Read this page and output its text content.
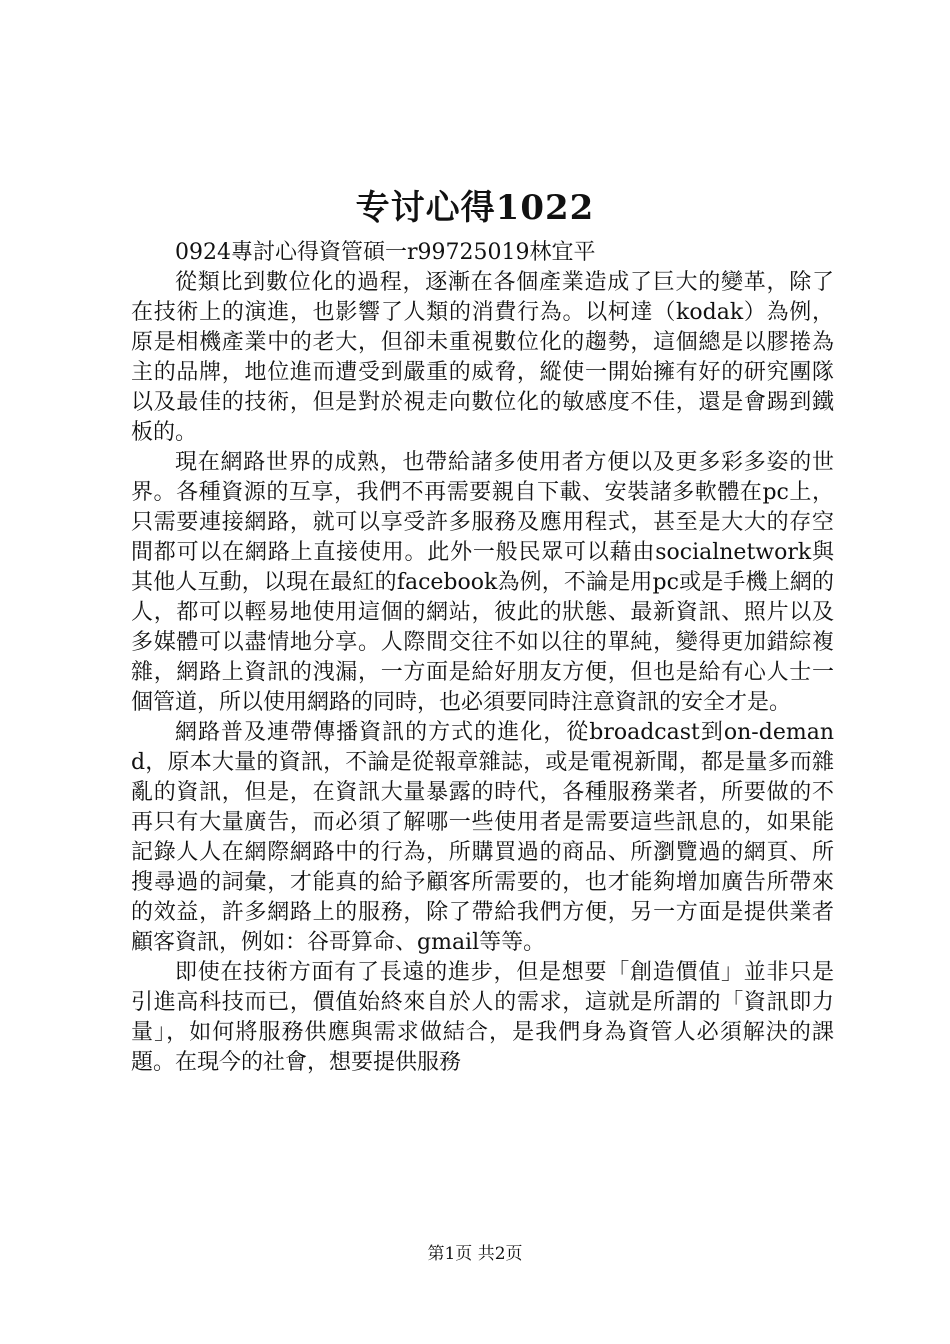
专讨心得1022

0924專討心得資管碩一r99725019林宜平

從類比到數位化的過程，逐漸在各個產業造成了巨大的變革，除了在技術上的演進，也影響了人類的消費行為。以柯達（kodak）為例，原是相機產業中的老大，但卻未重視數位化的趨勢，這個總是以膠捲為主的品牌，地位進而遭受到嚴重的威脅，縱使一開始擁有好的研究團隊以及最佳的技術，但是對於視走向數位化的敏感度不佳，還是會踢到鐵板的。

現在網路世界的成熟，也帶給諸多使用者方便以及更多彩多姿的世界。各種資源的互享，我們不再需要親自下載、安裝諸多軟體在pc上，只需要連接網路，就可以享受許多服務及應用程式，甚至是大大的存空間都可以在網路上直接使用。此外一般民眾可以藉由socialnetwork與其他人互動，以現在最紅的facebook為例，不論是用pc或是手機上網的人，都可以輕易地使用這個的網站，彼此的狀態、最新資訊、照片以及多媒體可以盡情地分享。人際間交往不如以往的單純，變得更加錯綜複雜，網路上資訊的洩漏，一方面是給好朋友方便，但也是給有心人士一個管道，所以使用網路的同時，也必須要同時注意資訊的安全才是。

網路普及連帶傳播資訊的方式的進化，從broadcast到on-demand，原本大量的資訊，不論是從報章雜誌，或是電視新聞，都是量多而雜亂的資訊，但是，在資訊大量暴露的時代，各種服務業者，所要做的不再只有大量廣告，而必須了解哪一些使用者是需要這些訊息的，如果能記錄人人在網際網路中的行為，所購買過的商品、所瀏覽過的網頁、所搜尋過的詞彙，才能真的給予顧客所需要的，也才能夠增加廣告所帶來的效益，許多網路上的服務，除了帶給我們方便，另一方面是提供業者顧客資訊，例如：谷哥算命、gmail等等。

即使在技術方面有了長遠的進步，但是想要「創造價值」並非只是引進高科技而已，價值始終來自於人的需求，這就是所謂的「資訊即力量」，如何將服務供應與需求做結合，是我們身為資管人必須解決的課題。在現今的社會，想要提供服務

第1页 共2页
